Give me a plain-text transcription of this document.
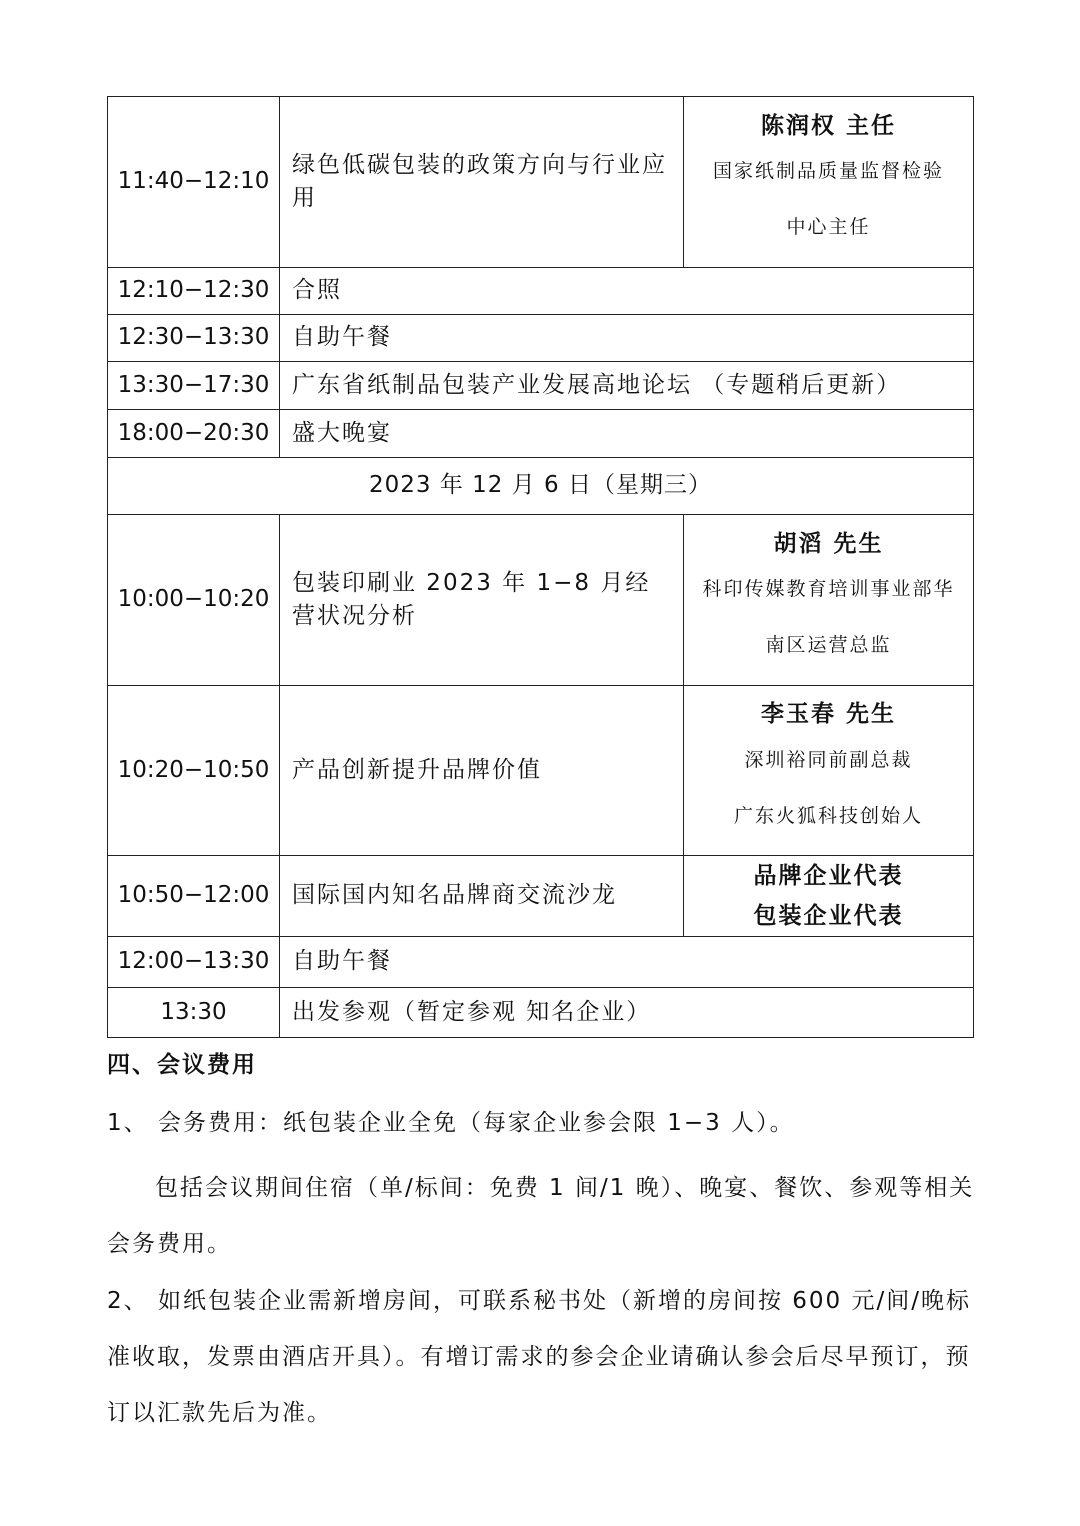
11:40−12:10	绿色低碳包装的政策方向与行业应用	陈润权 主任
国家纸制品质量监督检验
中心主任

12:10−12:30	合照	
12:30−13:30	自助午餐	
13:30−17:30	广东省纸制品包装产业发展高地论坛 （专题稍后更新）	
18:00−20:30	盛大晚宴	
2023 年 12 月 6 日（星期三）		
10:00−10:20	包装印刷业 2023 年 1−8 月经营状况分析	胡滔 先生
科印传媒教育培训事业部华
南区运营总监

10:20−10:50	产品创新提升品牌价值	李玉春 先生
深圳裕同前副总裁
广东火狐科技创始人

10:50−12:00	国际国内知名品牌商交流沙龙	品牌企业代表
包装企业代表

12:00−13:30	自助午餐	
13:30	出发参观（暂定参观 知名企业）	
四、会议费用
1、 会务费用：纸包装企业全免（每家企业参会限 1−3 人）。
包括会议期间住宿（单/标间：免费 1 间/1 晚）、晚宴、餐饮、参观等相关会务费用。
2、 如纸包装企业需新增房间，可联系秘书处（新增的房间按 600 元/间/晚标准收取，发票由酒店开具）。有增订需求的参会企业请确认参会后尽早预订，预订以汇款先后为准。
